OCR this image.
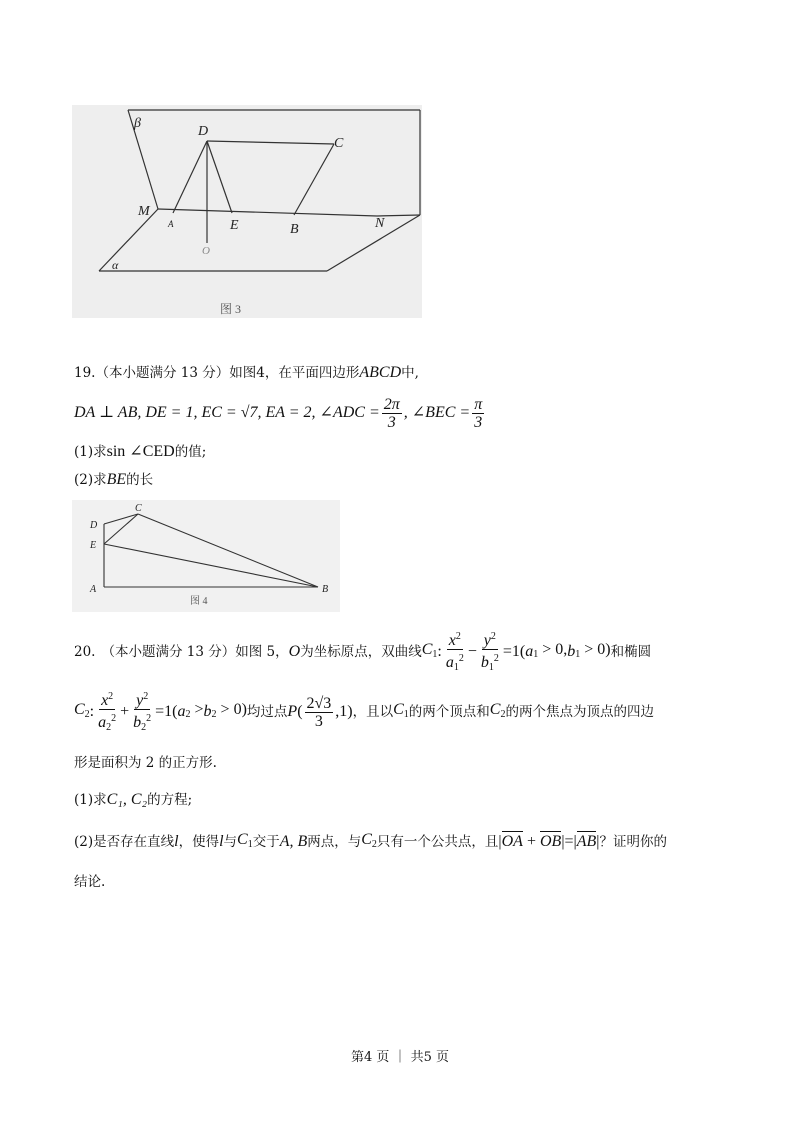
β
D
C
M
A	E
O
B	N
α
图 3
19.（本小题满分 13 分）如图4，在平面四边形ABCD中,
DA ⊥ AB, DE = 1, EC = √7, EA = 2, ∠ADC = $\frac{2\pi}{3}$ , ∠BEC = $\frac{\pi}{3}$
(1)求sin ∠CED的值;
(2)求BE的长
C
D
E
A	B
图 4
20. （本小题满分 13 分）如图 5， O 为坐标原点，双曲线 $C_1$ : $\frac{x^2}{a_1^2} - \frac{y^2}{b_1^2} =1$( a $_1$ > 0, b $_1$ > 0) 和椭圆
$C_2$ : $\frac{x^2}{a_2^2} + \frac{y^2}{b_2^2} =1$( a $_2$ > b $_2$ > 0) 均过点 P ( $\frac{2√3}{3} ,1$) ，且以 $C_1$ 的两个顶点和 $C_2$ 的两个焦点为顶点的四边
形是面积为 2 的正方形.
(1)求C₁, C₂的方程;
(2)是否存在直线 l ，使得 l 与 $C_1$ 交于 A, B 两点，与 $C_2$ 只有一个公共点，且 |OA + OB|=|AB| ？证明你的
结论.
第4 页 ｜ 共5 页
